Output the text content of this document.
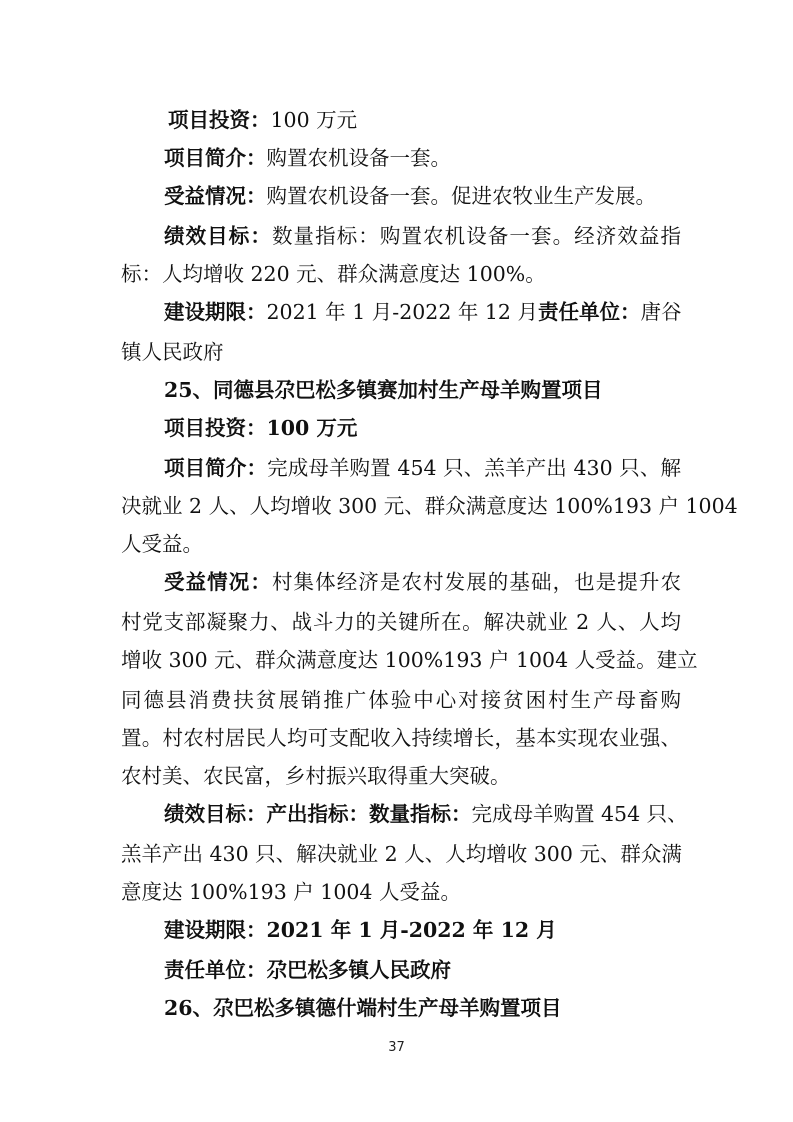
项目投资：100 万元
项目简介：购置农机设备一套。
受益情况：购置农机设备一套。促进农牧业生产发展。
绩效目标：数量指标：购置农机设备一套。经济效益指
标：人均增收 220 元、群众满意度达 100%。
建设期限：2021 年 1 月-2022 年 12 月责任单位：唐谷
镇人民政府
25、同德县尕巴松多镇赛加村生产母羊购置项目
项目投资：100 万元
项目简介：完成母羊购置 454 只、羔羊产出 430 只、解
决就业 2 人、人均增收 300 元、群众满意度达 100%193 户 1004
人受益。
受益情况：村集体经济是农村发展的基础，也是提升农
村党支部凝聚力、战斗力的关键所在。解决就业 2 人、人均
增收 300 元、群众满意度达 100%193 户 1004 人受益。建立
同德县消费扶贫展销推广体验中心对接贫困村生产母畜购
置。村农村居民人均可支配收入持续增长，基本实现农业强、
农村美、农民富，乡村振兴取得重大突破。
绩效目标：产出指标：数量指标：完成母羊购置 454 只、
羔羊产出 430 只、解决就业 2 人、人均增收 300 元、群众满
意度达 100%193 户 1004 人受益。
建设期限：2021 年 1 月-2022 年 12 月
责任单位：尕巴松多镇人民政府
26、尕巴松多镇德什端村生产母羊购置项目
37
